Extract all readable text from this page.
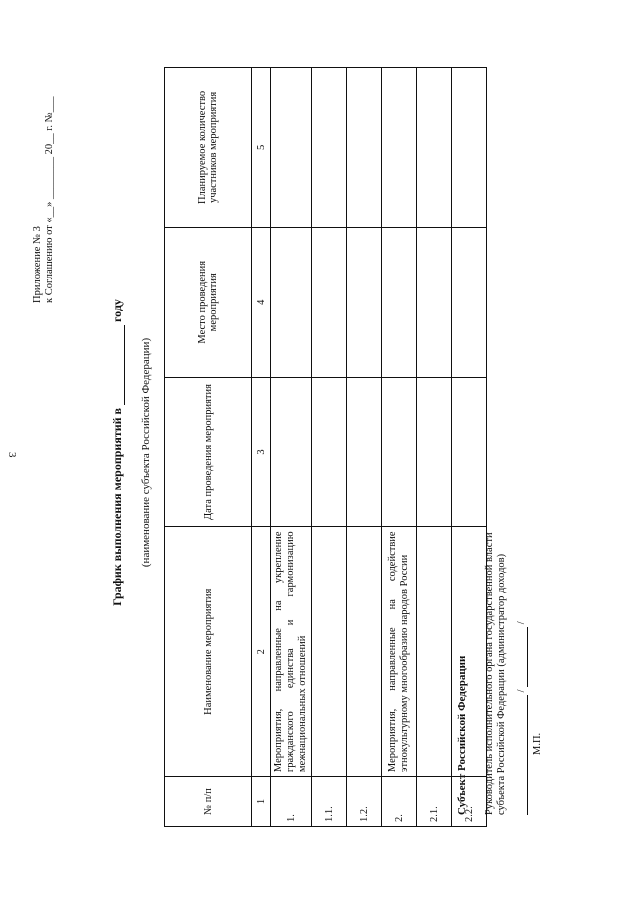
3
Приложение № 3 к Соглашению от «__» ________ 20__ г. №___
График выполнения мероприятий в  году
(наименование субъекта Российской Федерации)
№ п/п	Наименование мероприятия	Дата проведения мероприятия	Место проведения мероприятия	Планируемое количество участников мероприятия
1	2	3	4	5
1.	Мероприятия, направленные на укрепление гражданского единства и гармонизацию межнациональных отношений			
1.1.				
1.2.				
2.	Мероприятия, направленные на содействие этнокультурному многообразию народов России			
2.1.				
2.2.				
Субъект Российской Федерации Руководитель исполнительного органа государственной власти субъекта Российской Федерации (администратор доходов) /   /
М.П.
